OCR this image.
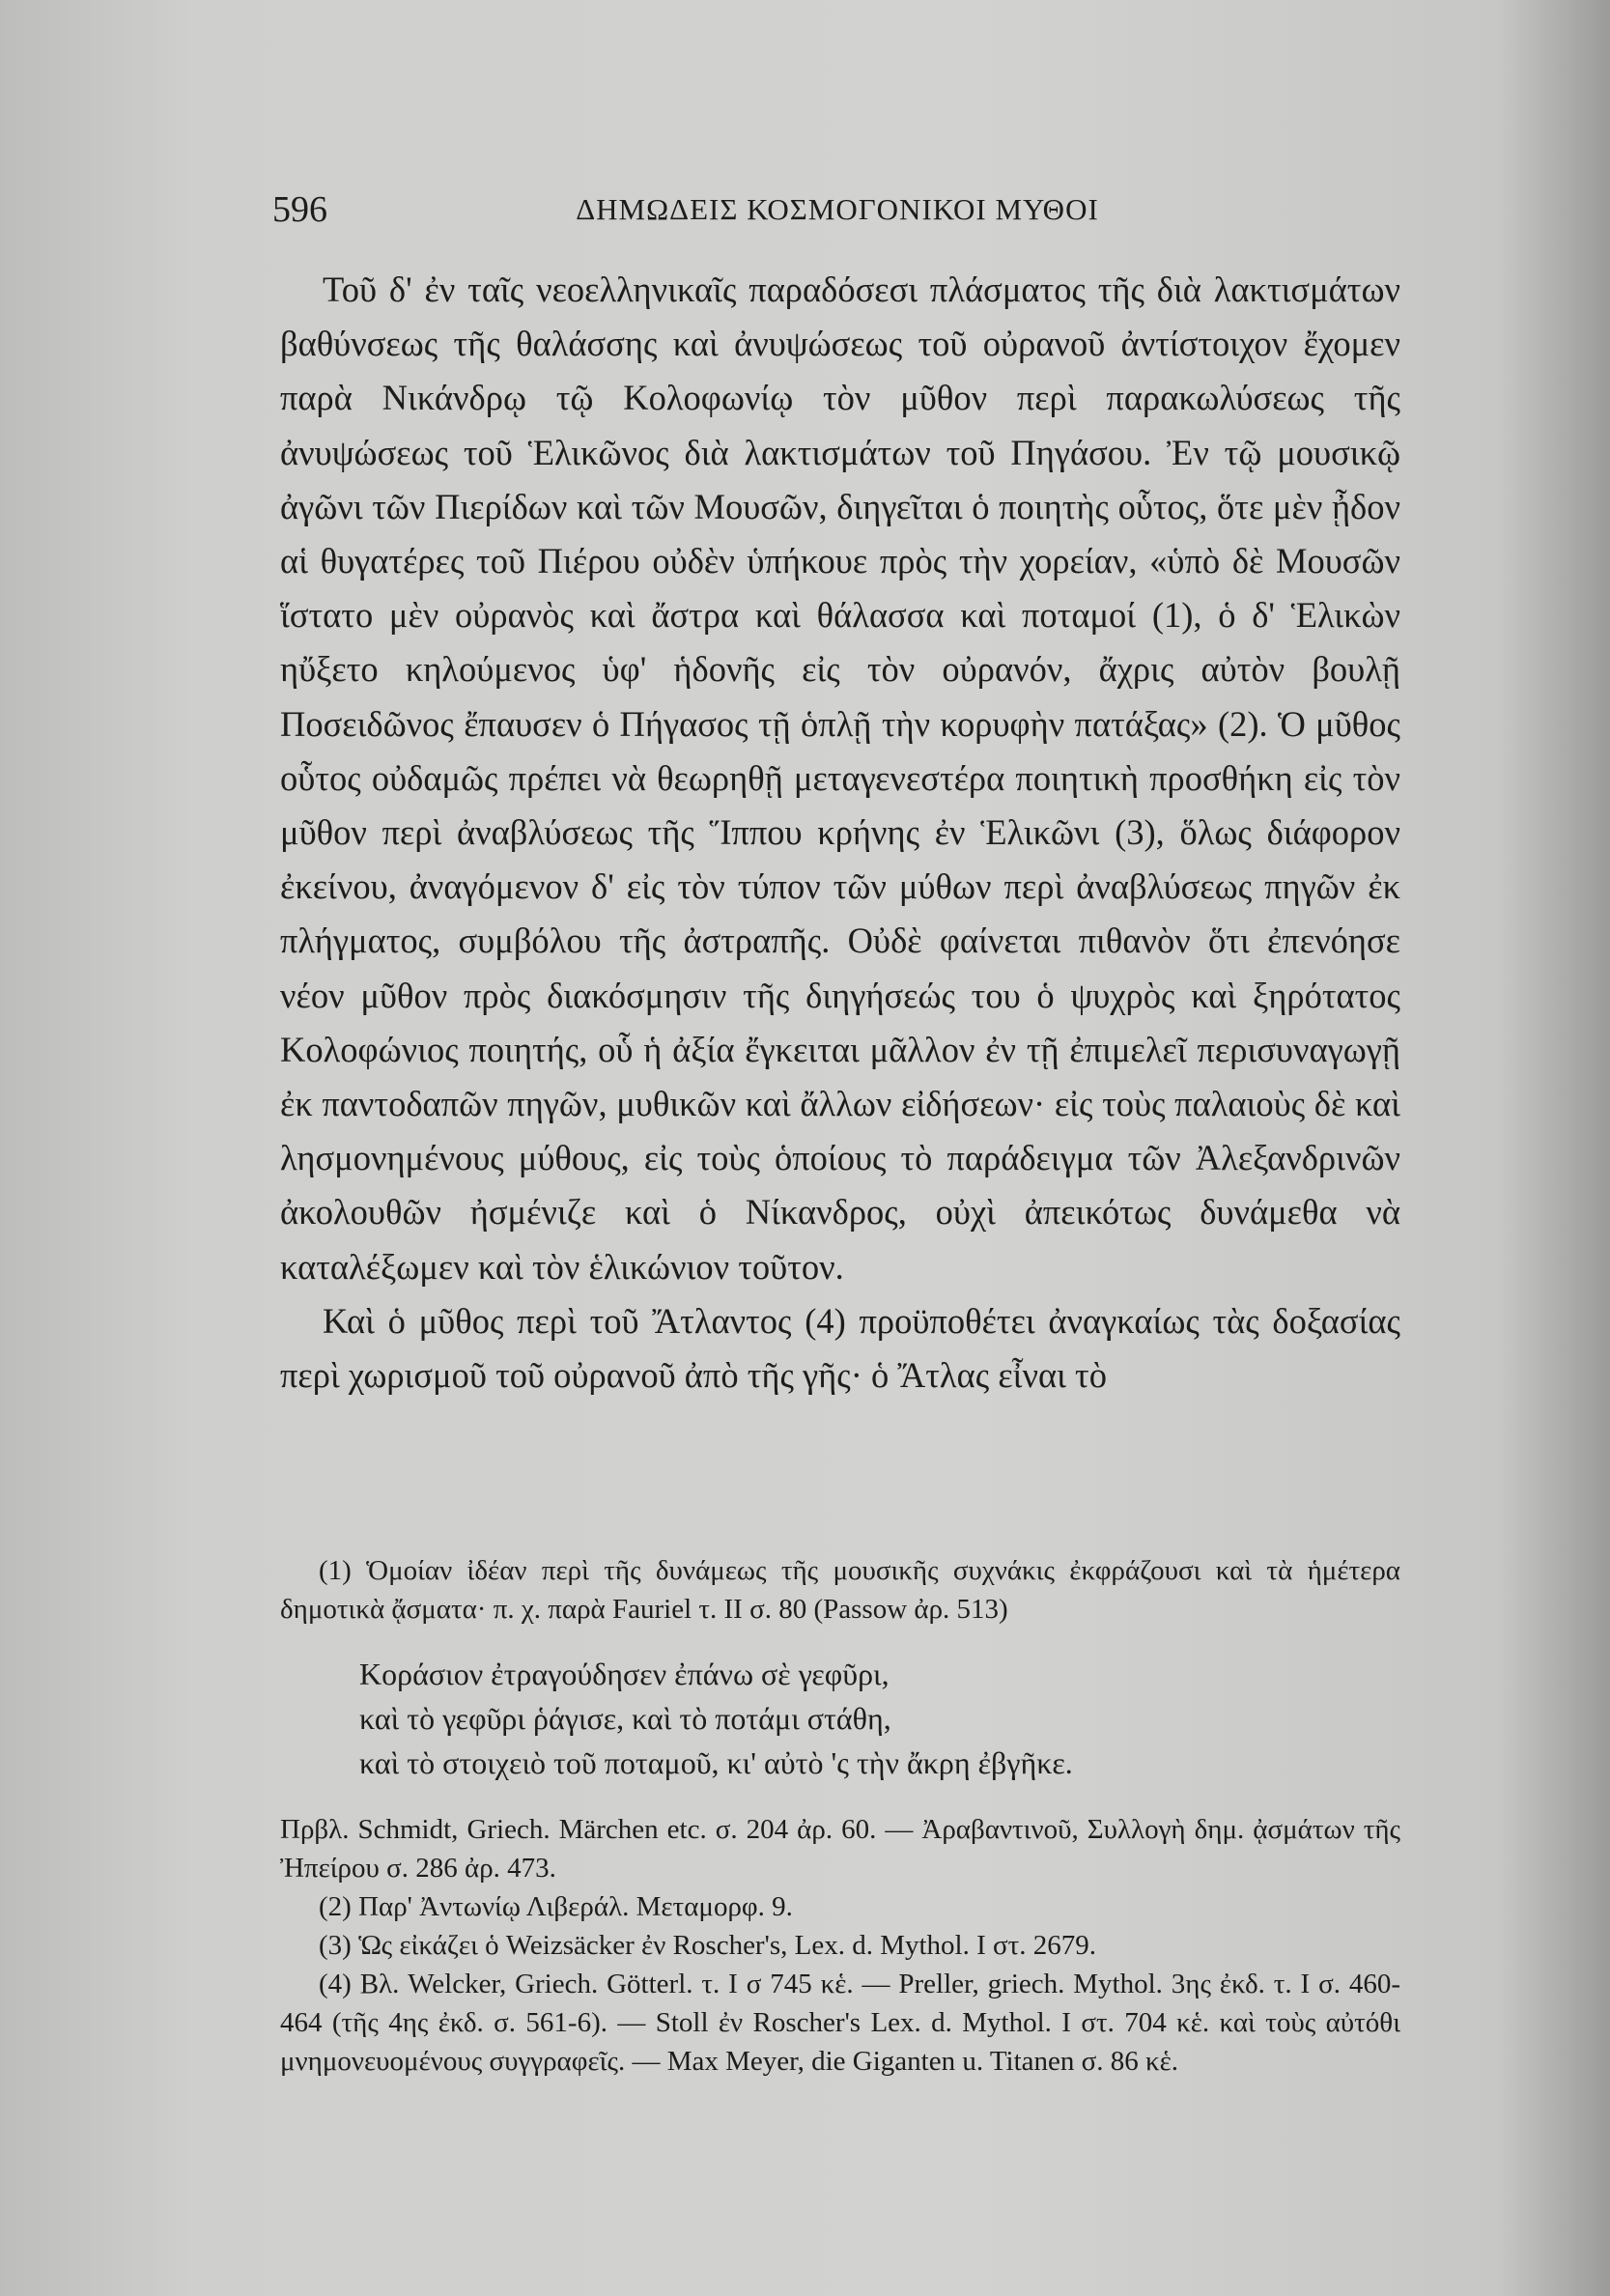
596	ΔΗΜΩΔΕΙΣ ΚΟΣΜΟΓΟΝΙΚΟΙ ΜΥΘΟΙ

Τοῦ δ' ἐν ταῖς νεοελληνικαῖς παραδόσεσι πλάσματος τῆς διὰ λακτισμάτων βαθύνσεως τῆς θαλάσσης καὶ ἀνυψώσεως τοῦ οὐρανοῦ ἀντίστοιχον ἔχομεν παρὰ Νικάνδρῳ τῷ Κολοφωνίῳ τὸν μῦθον περὶ παρακωλύσεως τῆς ἀνυψώσεως τοῦ Ἑλικῶνος διὰ λακτισμάτων τοῦ Πηγάσου. Ἐν τῷ μουσικῷ ἀγῶνι τῶν Πιερίδων καὶ τῶν Μουσῶν, διηγεῖται ὁ ποιητὴς οὗτος, ὅτε μὲν ᾖδον αἱ θυγατέρες τοῦ Πιέρου οὐδὲν ὑπήκουε πρὸς τὴν χορείαν, «ὑπὸ δὲ Μουσῶν ἵστατο μὲν οὐρανὸς καὶ ἄστρα καὶ θάλασσα καὶ ποταμοί (1), ὁ δ' Ἑλικὼν ηὔξετο κηλούμενος ὑφ' ἡδονῆς εἰς τὸν οὐρανόν, ἄχρις αὐτὸν βουλῇ Ποσειδῶνος ἔπαυσεν ὁ Πήγασος τῇ ὁπλῇ τὴν κορυφὴν πατάξας» (2). Ὁ μῦθος οὗτος οὐδαμῶς πρέπει νὰ θεωρηθῇ μεταγενεστέρα ποιητικὴ προσθήκη εἰς τὸν μῦθον περὶ ἀναβλύσεως τῆς Ἵππου κρήνης ἐν Ἑλικῶνι (3), ὅλως διάφορον ἐκείνου, ἀναγόμενον δ' εἰς τὸν τύπον τῶν μύθων περὶ ἀναβλύσεως πηγῶν ἐκ πλήγματος, συμβόλου τῆς ἀστραπῆς. Οὐδὲ φαίνεται πιθανὸν ὅτι ἐπενόησε νέον μῦθον πρὸς διακόσμησιν τῆς διηγήσεώς του ὁ ψυχρὸς καὶ ξηρότατος Κολοφώνιος ποιητής, οὗ ἡ ἀξία ἔγκειται μᾶλλον ἐν τῇ ἐπιμελεῖ περισυναγωγῇ ἐκ παντοδαπῶν πηγῶν, μυθικῶν καὶ ἄλλων εἰδήσεων· εἰς τοὺς παλαιοὺς δὲ καὶ λησμονημένους μύθους, εἰς τοὺς ὁποίους τὸ παράδειγμα τῶν Ἀλεξανδρινῶν ἀκολουθῶν ἠσμένιζε καὶ ὁ Νίκανδρος, οὐχὶ ἀπεικότως δυνάμεθα νὰ καταλέξωμεν καὶ τὸν ἑλικώνιον τοῦτον.

Καὶ ὁ μῦθος περὶ τοῦ Ἄτλαντος (4) προϋποθέτει ἀναγκαίως τὰς δοξασίας περὶ χωρισμοῦ τοῦ οὐρανοῦ ἀπὸ τῆς γῆς· ὁ Ἄτλας εἶναι τὸ

(1) Ὁμοίαν ἰδέαν περὶ τῆς δυνάμεως τῆς μουσικῆς συχνάκις ἐκφράζουσι καὶ τὰ ἡμέτερα δημοτικὰ ᾄσματα· π. χ. παρὰ Fauriel τ. II σ. 80 (Passow ἀρ. 513)

Κοράσιον ἐτραγούδησεν ἐπάνω σὲ γεφῦρι,
καὶ τὸ γεφῦρι ῥάγισε, καὶ τὸ ποτάμι στάθη,
καὶ τὸ στοιχειὸ τοῦ ποταμοῦ, κι' αὐτὸ 'ς τὴν ἄκρη ἐβγῆκε.

Πρβλ. Schmidt, Griech. Märchen etc. σ. 204 ἀρ. 60. — Ἀραβαντινοῦ, Συλλογὴ δημ. ᾀσμάτων τῆς Ἠπείρου σ. 286 ἀρ. 473.

(2) Παρ' Ἀντωνίῳ Λιβεράλ. Μεταμορφ. 9.

(3) Ὡς εἰκάζει ὁ Weizsäcker ἐν Roscher's, Lex. d. Mythol. I στ. 2679.

(4) Βλ. Welcker, Griech. Götterl. τ. I σ 745 κἑ. — Preller, griech. Mythol. 3ης ἐκδ. τ. I σ. 460-464 (τῆς 4ης ἐκδ. σ. 561-6). — Stoll ἐν Roscher's Lex. d. Mythol. I στ. 704 κἑ. καὶ τοὺς αὐτόθι μνημονευομένους συγγραφεῖς. — Max Meyer, die Giganten u. Titanen σ. 86 κἑ.
